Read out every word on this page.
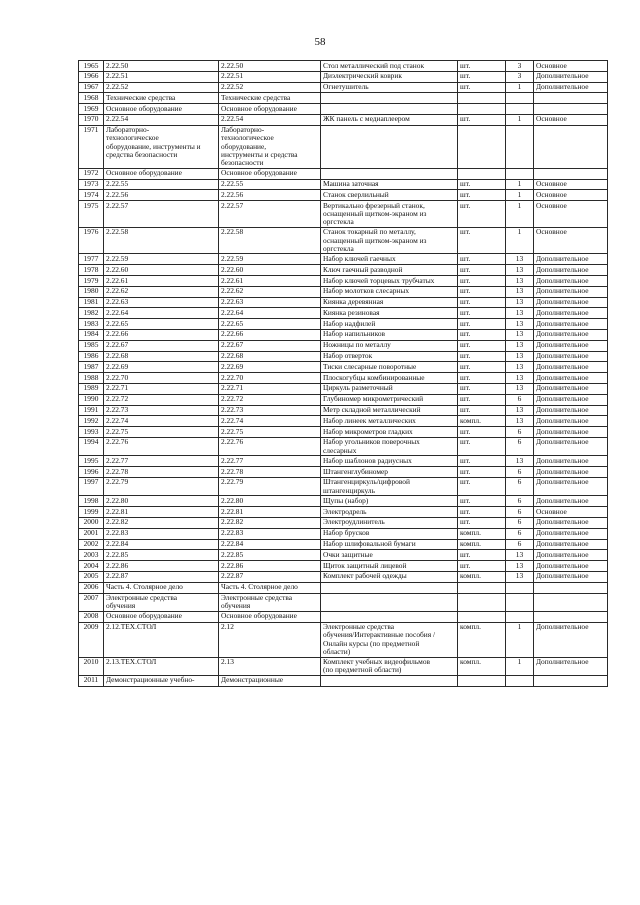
58
1965	2.22.50	2.22.50	Стол металлический под станок	шт.	3	Основное
1966	2.22.51	2.22.51	Диэлектрический коврик	шт.	3	Дополнительное
1967	2.22.52	2.22.52	Огнетушитель	шт.	1	Дополнительное
1968	Технические средства	Технические средства				
1969	Основное оборудование	Основное оборудование				
1970	2.22.54	2.22.54	ЖК панель с медиаплеером	шт.	1	Основное
1971	Лабораторно-
технологическое
оборудование, инструменты и
средства безопасности	Лабораторно-
технологическое
оборудование,
инструменты и средства
безопасности				
1972	Основное оборудование	Основное оборудование				
1973	2.22.55	2.22.55	Машина заточная	шт.	1	Основное
1974	2.22.56	2.22.56	Станок сверлильный	шт.	1	Основное
1975	2.22.57	2.22.57	Вертикально фрезерный станок,
оснащенный щитком-экраном из
оргстекла	шт.	1	Основное
1976	2.22.58	2.22.58	Станок токарный по металлу,
оснащенный щитком-экраном из
оргстекла	шт.	1	Основное
1977	2.22.59	2.22.59	Набор ключей гаечных	шт.	13	Дополнительное
1978	2.22.60	2.22.60	Ключ гаечный разводной	шт.	13	Дополнительное
1979	2.22.61	2.22.61	Набор ключей торцевых трубчатых	шт.	13	Дополнительное
1980	2.22.62	2.22.62	Набор молотков слесарных	шт.	13	Дополнительное
1981	2.22.63	2.22.63	Киянка деревянная	шт.	13	Дополнительное
1982	2.22.64	2.22.64	Киянка резиновая	шт.	13	Дополнительное
1983	2.22.65	2.22.65	Набор надфилей	шт.	13	Дополнительное
1984	2.22.66	2.22.66	Набор напильников	шт.	13	Дополнительное
1985	2.22.67	2.22.67	Ножницы по металлу	шт.	13	Дополнительное
1986	2.22.68	2.22.68	Набор отверток	шт.	13	Дополнительное
1987	2.22.69	2.22.69	Тиски слесарные поворотные	шт.	13	Дополнительное
1988	2.22.70	2.22.70	Плоскогубцы комбинированные	шт.	13	Дополнительное
1989	2.22.71	2.22.71	Циркуль разметочный	шт.	13	Дополнительное
1990	2.22.72	2.22.72	Глубиномер микрометрический	шт.	6	Дополнительное
1991	2.22.73	2.22.73	Метр складной металлический	шт.	13	Дополнительное
1992	2.22.74	2.22.74	Набор линеек металлических	компл.	13	Дополнительное
1993	2.22.75	2.22.75	Набор микрометров гладких	шт.	6	Дополнительное
1994	2.22.76	2.22.76	Набор угольников поверочных
слесарных	шт.	6	Дополнительное
1995	2.22.77	2.22.77	Набор шаблонов радиусных	шт.	13	Дополнительное
1996	2.22.78	2.22.78	Штангенглубиномер	шт.	6	Дополнительное
1997	2.22.79	2.22.79	Штангенциркуль/цифровой
штангенциркуль	шт.	6	Дополнительное
1998	2.22.80	2.22.80	Щупы (набор)	шт.	6	Дополнительное
1999	2.22.81	2.22.81	Электродрель	шт.	6	Основное
2000	2.22.82	2.22.82	Электроудлинитель	шт.	6	Дополнительное
2001	2.22.83	2.22.83	Набор брусков	компл.	6	Дополнительное
2002	2.22.84	2.22.84	Набор шлифовальной бумаги	компл.	6	Дополнительное
2003	2.22.85	2.22.85	Очки защитные	шт.	13	Дополнительное
2004	2.22.86	2.22.86	Щиток защитный лицевой	шт.	13	Дополнительное
2005	2.22.87	2.22.87	Комплект рабочей одежды	компл.	13	Дополнительное
2006	Часть 4. Столярное дело	Часть 4. Столярное дело				
2007	Электронные средства
обучения	Электронные средства
обучения				
2008	Основное оборудование	Основное оборудование				
2009	2.12.ТЕХ.СТОЛ	2.12	Электронные средства
обучения/Интерактивные пособия /
Онлайн курсы (по предметной
области)	компл.	1	Дополнительное
2010	2.13.ТЕХ.СТОЛ	2.13	Комплект учебных видеофильмов
(по предметной области)	компл.	1	Дополнительное
2011	Демонстрационные учебно-	Демонстрационные				
